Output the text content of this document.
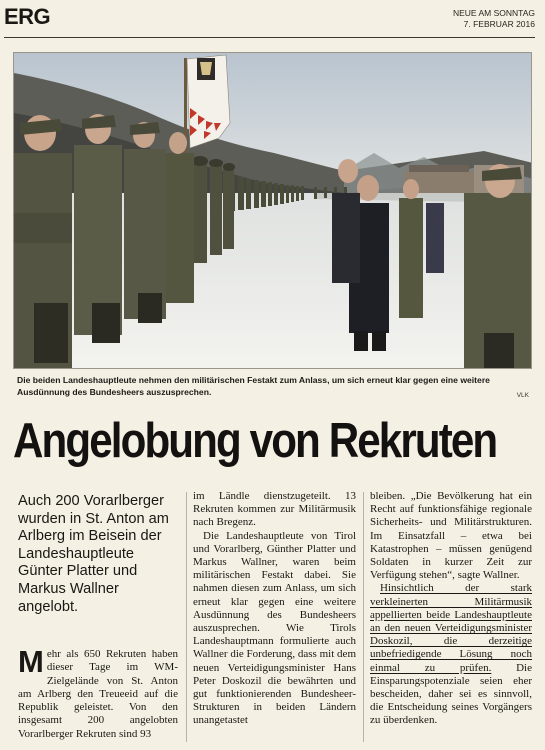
ERG	NEUE AM SONNTAG
7. FEBRUAR 2016
Die beiden Landeshauptleute nehmen den militärischen Festakt zum Anlass, um sich erneut klar gegen eine weitere Ausdünnung des Bundesheers auszusprechen.	VLK
Angelobung von Rekruten
Auch 200 Vorarlberger wurden in St. Anton am Arlberg im Beisein der Landeshauptleute Günter Platter und Markus Wallner angelobt.
Mehr als 650 Rekruten haben dieser Tage im WM-Zielgelände von St. Anton am Arlberg den Treueeid auf die Republik geleistet. Von den insgesamt 200 angelobten Vorarlberger Rekruten sind 93

im Ländle dienstzugeteilt. 13 Rekruten kommen zur Militärmusik nach Bregenz.

Die Landeshauptleute von Tirol und Vorarlberg, Günther Platter und Markus Wallner, waren beim militärischen Festakt dabei. Sie nahmen diesen zum Anlass, um sich erneut klar gegen eine weitere Ausdünnung des Bundesheers auszusprechen. Wie Tirols Landeshauptmann formulierte auch Wallner die Forderung, dass mit dem neuen Verteidigungsminister Hans Peter Doskozil die bewährten und gut funktionierenden Bundesheer-Strukturen in beiden Ländern unangetastet

bleiben. „Die Bevölkerung hat ein Recht auf funktionsfähige regionale Sicherheits- und Militärstrukturen. Im Einsatzfall – etwa bei Katastrophen – müssen genügend Soldaten in kurzer Zeit zur Verfügung stehen“, sagte Wallner.

Hinsichtlich der stark verkleinerten Militärmusik appellierten beide Landeshauptleute an den neuen Verteidigungsminister Doskozil, die derzeitige unbefriedigende Lösung noch einmal zu prüfen. Die Einsparungspotenziale seien eher bescheiden, daher sei es sinnvoll, die Entscheidung seines Vorgängers zu überdenken.
